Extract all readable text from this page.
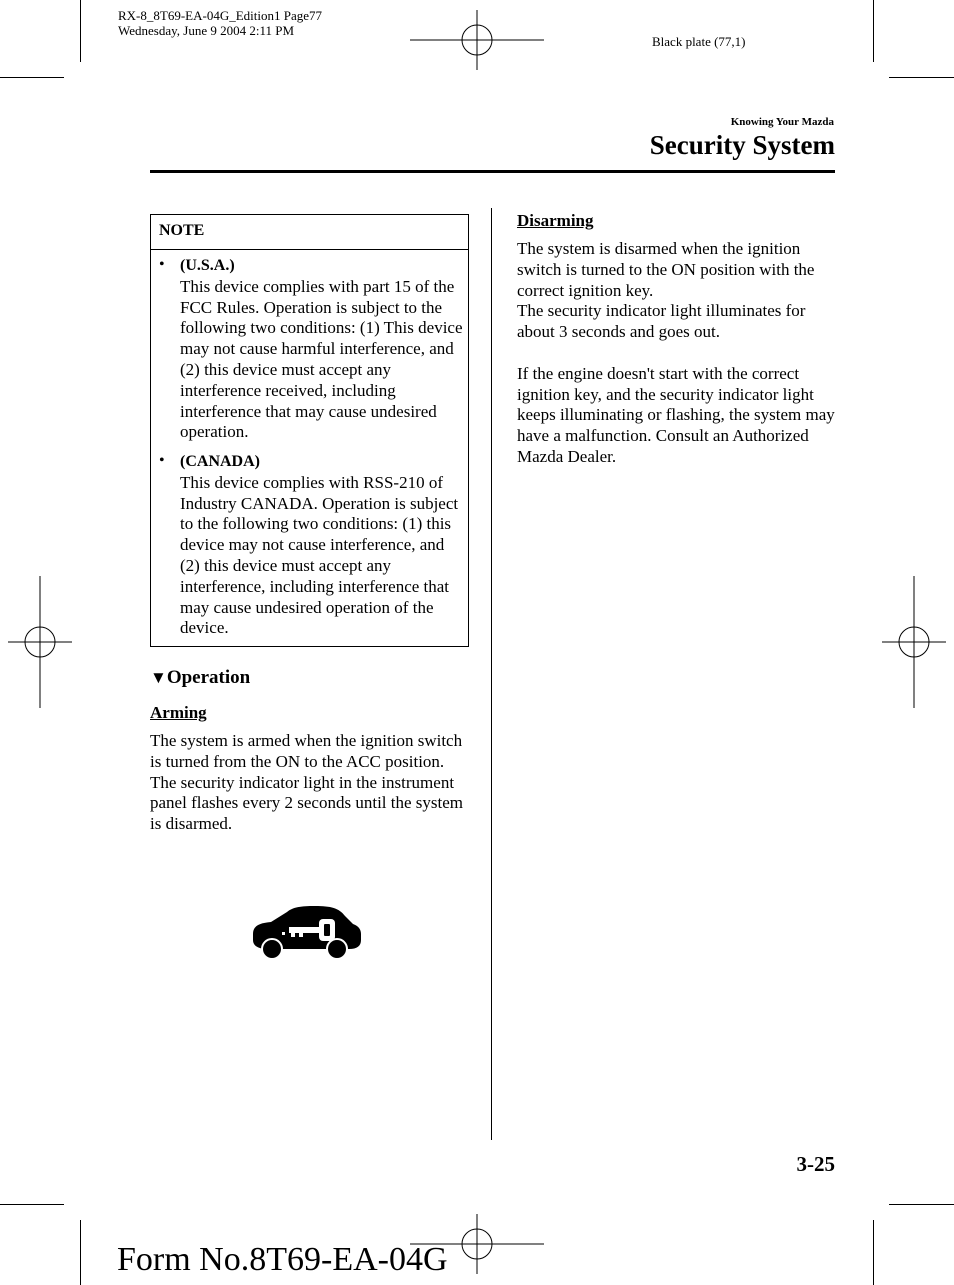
RX-8_8T69-EA-04G_Edition1 Page77
Wednesday, June 9 2004 2:11 PM
Black plate (77,1)
Knowing Your Mazda
Security System
NOTE
• (U.S.A.)
This device complies with part 15 of the FCC Rules. Operation is subject to the following two conditions: (1) This device may not cause harmful interference, and (2) this device must accept any interference received, including interference that may cause undesired operation.
• (CANADA)
This device complies with RSS-210 of Industry CANADA. Operation is subject to the following two conditions: (1) this device may not cause interference, and (2) this device must accept any interference, including interference that may cause undesired operation of the device.
▼Operation
Arming
The system is armed when the ignition switch is turned from the ON to the ACC position.
The security indicator light in the instrument panel flashes every 2 seconds until the system is disarmed.
Disarming
The system is disarmed when the ignition switch is turned to the ON position with the correct ignition key.
The security indicator light illuminates for about 3 seconds and goes out.
If the engine doesn't start with the correct ignition key, and the security indicator light keeps illuminating or flashing, the system may have a malfunction. Consult an Authorized Mazda Dealer.
3-25
Form No.8T69-EA-04G
